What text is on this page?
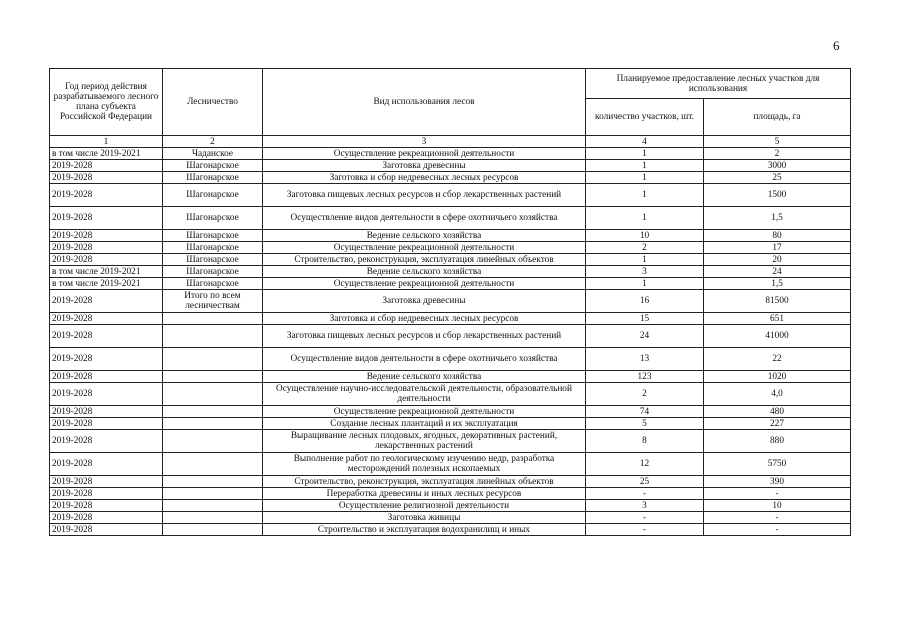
6
Год период действия разрабатываемого лесного плана субъекта Российской Федерации	Лесничество	Вид использования лесов	Планируемое предоставление лесных участков для использования	
			количество участков, шт.	площадь, га
1	2	3	4	5
в том числе 2019-2021	Чаданское	Осуществление рекреационной деятельности	1	2
2019-2028	Шагонарское	Заготовка древесины	1	3000
2019-2028	Шагонарское	Заготовка и сбор недревесных лесных ресурсов	1	25
2019-2028	Шагонарское	Заготовка пищевых лесных ресурсов и сбор лекарственных растений	1	1500
2019-2028	Шагонарское	Осуществление видов деятельности в сфере охотничьего хозяйства	1	1,5
2019-2028	Шагонарское	Ведение сельского хозяйства	10	80
2019-2028	Шагонарское	Осуществление рекреационной деятельности	2	17
2019-2028	Шагонарское	Строительство, реконструкция, эксплуатация линейных объектов	1	20
в том числе 2019-2021	Шагонарское	Ведение сельского хозяйства	3	24
в том числе 2019-2021	Шагонарское	Осуществление рекреационной деятельности	1	1,5
2019-2028	Итого по всем лесничествам	Заготовка древесины	16	81500
2019-2028		Заготовка и сбор недревесных лесных ресурсов	15	651
2019-2028		Заготовка пищевых лесных ресурсов и сбор лекарственных растений	24	41000
2019-2028		Осуществление видов деятельности в сфере охотничьего хозяйства	13	22
2019-2028		Ведение сельского хозяйства	123	1020
2019-2028		Осуществление научно-исследовательской деятельности, образовательной деятельности	2	4,0
2019-2028		Осуществление рекреационной деятельности	74	480
2019-2028		Создание лесных плантаций и их эксплуатация	5	227
2019-2028		Выращивание лесных плодовых, ягодных, декоративных растений, лекарственных растений	8	880
2019-2028		Выполнение работ по геологическому изучению недр, разработка месторождений полезных ископаемых	12	5750
2019-2028		Строительство, реконструкция, эксплуатация линейных объектов	25	390
2019-2028		Переработка древесины и иных лесных ресурсов	-	-
2019-2028		Осуществление религиозной деятельности	3	10
2019-2028		Заготовка живицы	-	-
2019-2028		Строительство и эксплуатация водохранилищ и иных	-	-
